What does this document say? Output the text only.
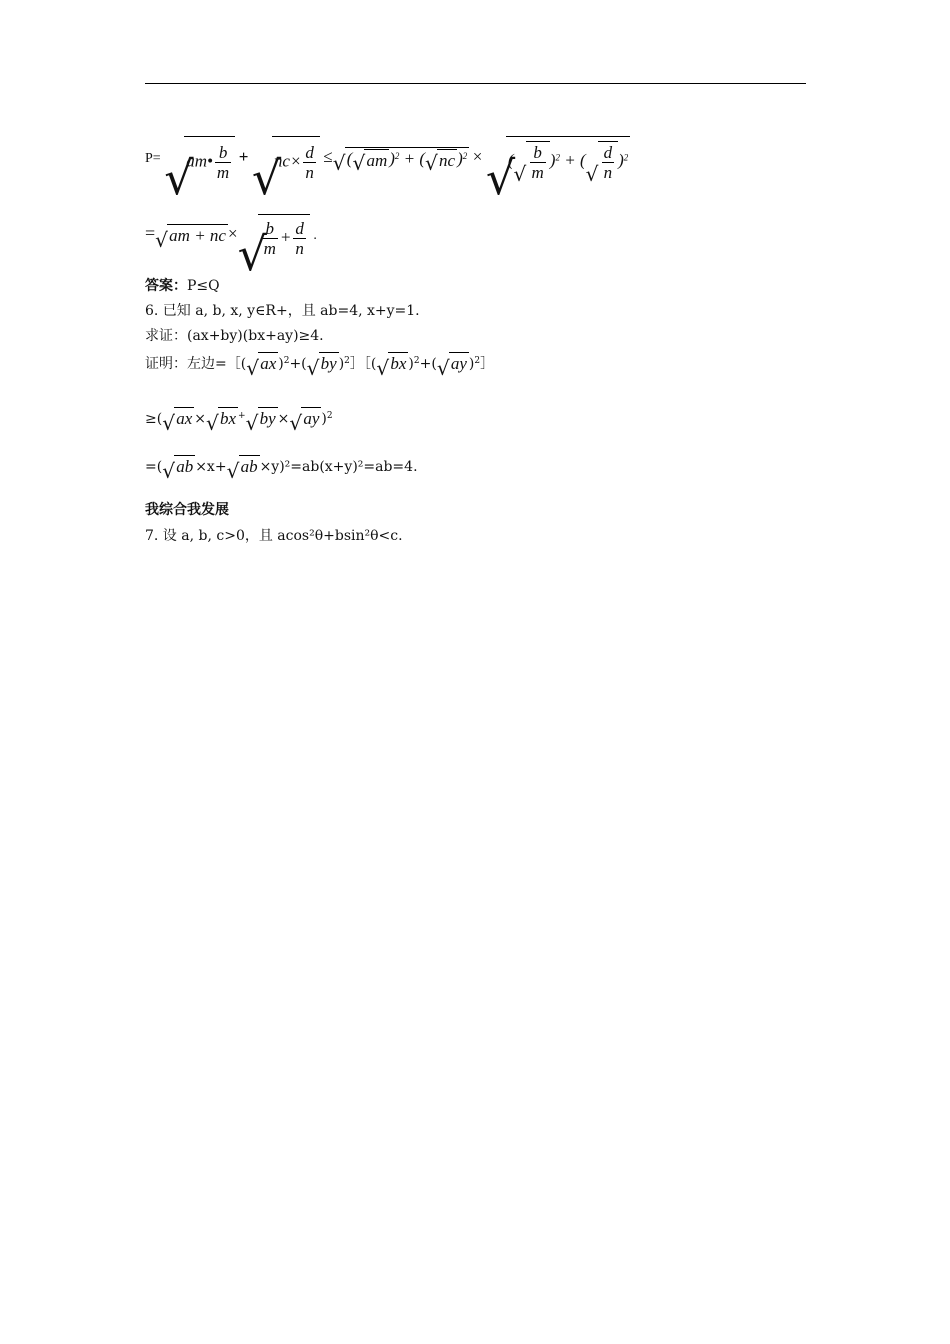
P= √ am• $\frac{b}{m}$ + √ $nc\times \frac{d}{n}$ ≤ √ ( √ am )$^2$ + ( √ nc )$^2$ × √ ( √ $\frac{b}{m} )^2$ + ( √ $\frac{d}{n} )^2$
= √ am + nc × √ $\frac{b}{m} + \frac{d}{n}$ .
答案：P≤Q
6. 已知 a, b, x, y∈R+，且 ab=4, x+y=1.
求证：(ax+by)(bx+ay)≥4.
证明：左边=［( √ ax )$^2$+( √ by )$^2$］［( √ bx )$^2$+( √ ay )$^2$］
≥( √ ax × √ bx + √ by × √ ay )$^2$
=( √ ab ×x+ √ ab ×y)²=ab(x+y)²=ab=4.
我综合我发展
7. 设 a, b, c>0，且 acos²θ+bsin²θ<c.
